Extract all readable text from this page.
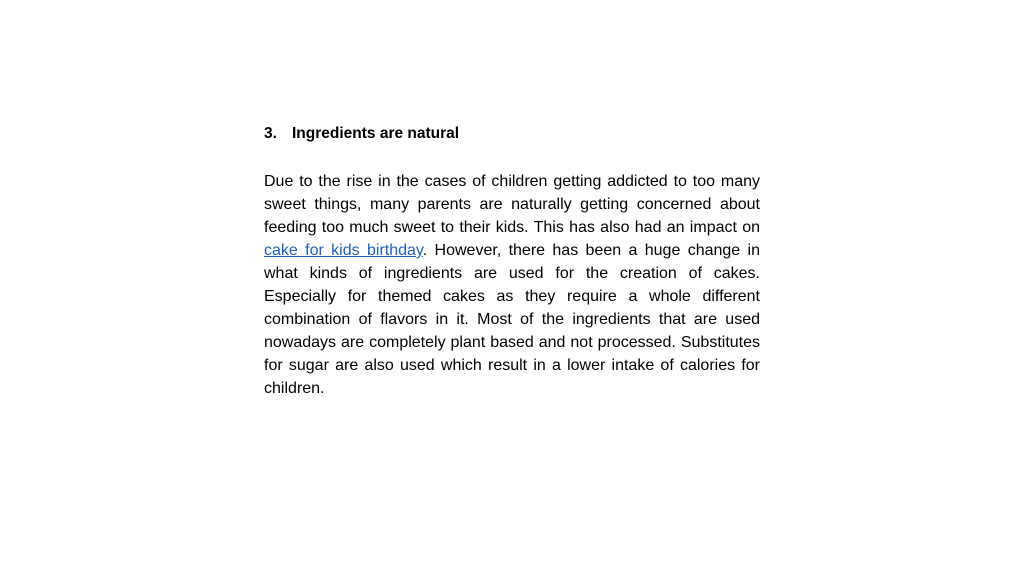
3. Ingredients are natural

Due to the rise in the cases of children getting addicted to too many sweet things, many parents are naturally getting concerned about feeding too much sweet to their kids. This has also had an impact on cake for kids birthday. However, there has been a huge change in what kinds of ingredients are used for the creation of cakes. Especially for themed cakes as they require a whole different combination of flavors in it. Most of the ingredients that are used nowadays are completely plant based and not processed. Substitutes for sugar are also used which result in a lower intake of calories for children.
